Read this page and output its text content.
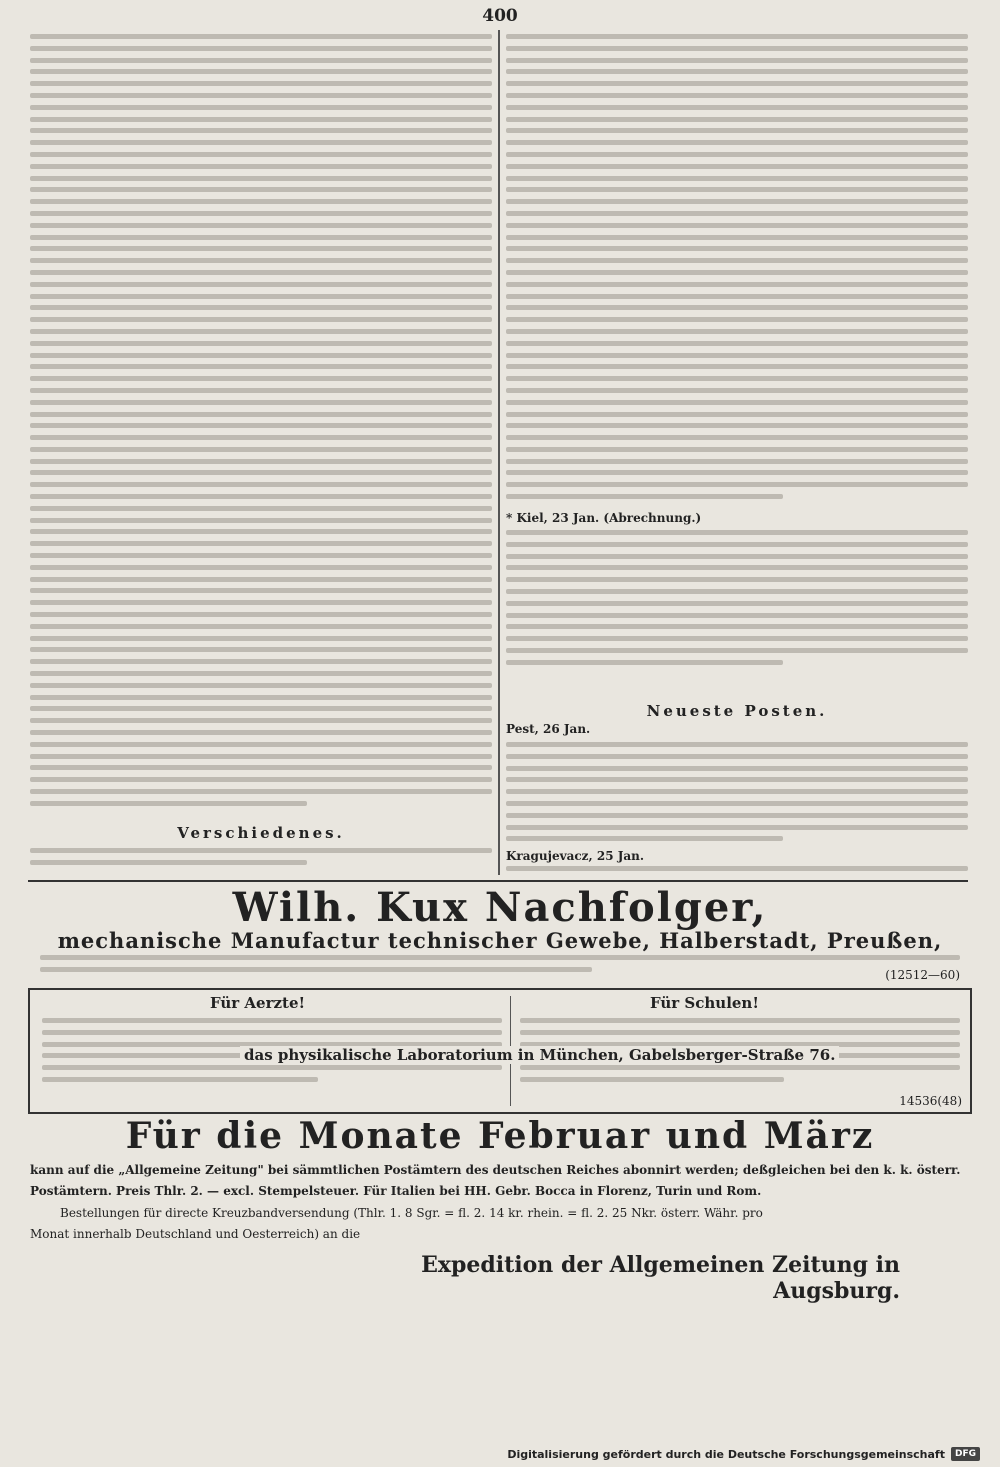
400
Verschiedenes.
* Kiel, 23 Jan. (Abrechnung.)
Neueste Posten.
Pest, 26 Jan.
Kragujevacz, 25 Jan.
Wilh. Kux Nachfolger,
mechanische Manufactur technischer Gewebe, Halberstadt, Preußen,
(12512—60)
Für Aerzte!	Für Schulen!
das physikalische Laboratorium in München, Gabelsberger-Straße 76.
14536(48)
Für die Monate Februar und März
kann auf die „Allgemeine Zeitung" bei sämmtlichen Postämtern des deutschen Reiches abonnirt werden; deßgleichen bei den k. k. österr.
Postämtern. Preis Thlr. 2. — excl. Stempelsteuer. Für Italien bei HH. Gebr. Bocca in Florenz, Turin und Rom.
Bestellungen für directe Kreuzbandversendung (Thlr. 1. 8 Sgr. = fl. 2. 14 kr. rhein. = fl. 2. 25 Nkr. österr. Währ. pro
Monat innerhalb Deutschland und Oesterreich) an die
Expedition der Allgemeinen Zeitung in Augsburg.
Digitalisierung gefördert durch die Deutsche Forschungsgemeinschaft	DFG
